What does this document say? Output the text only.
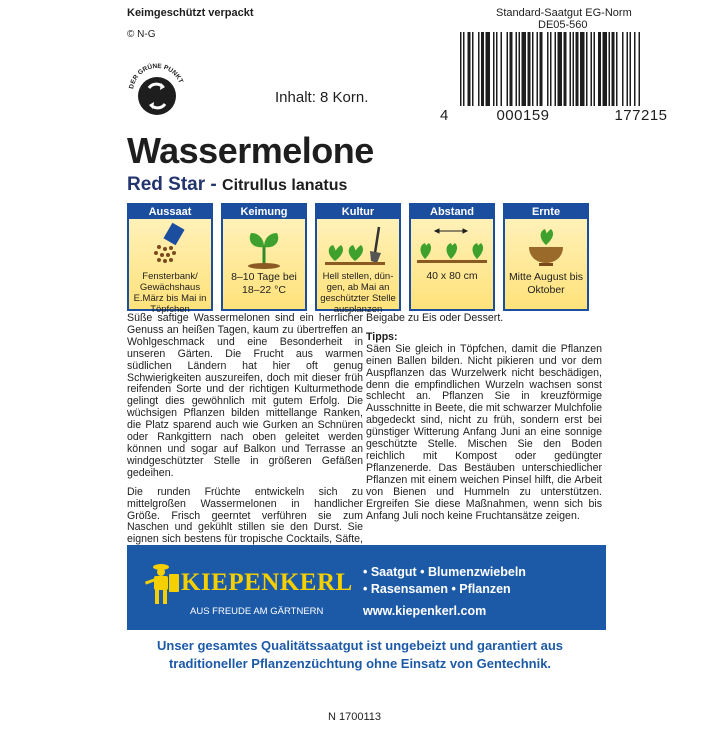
Keimgeschützt verpackt
© N-G
Standard-Saatgut EG-Norm
DE05-560
DER GRÜNE PUNKT
Inhalt: 8 Korn.
4	000159	177215
Wassermelone
Red Star - Citrullus lanatus
Aussaat
Fensterbank/ Gewächshaus E.März bis Mai in Töpfchen
Keimung
8–10 Tage bei 18–22 °C
Kultur
Hell stellen, dün- gen, ab Mai an geschützter Stelle ausplanzen
Abstand
40 x 80 cm
Ernte
Mitte August bis Oktober

Süße saftige Wassermelonen sind ein herrlicher Genuss an heißen Tagen, kaum zu übertreffen an Wohlgeschmack und eine Besonderheit in unseren Gärten. Die Frucht aus warmen südlichen Ländern hat hier oft genug Schwierigkeiten auszureifen, doch mit dieser früh reifenden Sorte und der richtigen Kulturmethode gelingt dies gewöhnlich mit gutem Erfolg. Die wüchsigen Pflanzen bilden mittellange Ranken, die Platz sparend auch wie Gurken an Schnüren oder Rankgittern nach oben geleitet werden können und sogar auf Balkon und Terrasse an windgeschützter Stelle in größeren Gefäßen gedeihen.

Die runden Früchte entwickeln sich zu mittelgroßen Wassermelonen in handlicher Größe. Frisch geerntet verführen sie zum Naschen und gekühlt stillen sie den Durst. Sie eignen sich bestens für tropische Cocktails, Säfte,

Beigabe zu Eis oder Dessert.
Tipps:
Säen Sie gleich in Töpfchen, damit die Pflanzen einen Ballen bilden. Nicht pikieren und vor dem Auspflanzen das Wurzelwerk nicht beschädigen, denn die empfindlichen Wurzeln wachsen sonst schlecht an. Pflanzen Sie in kreuzförmige Ausschnitte in Beete, die mit schwarzer Mulchfolie abgedeckt sind, nicht zu früh, sondern erst bei günstiger Witterung Anfang Juni an eine sonnige geschützte Stelle. Mischen Sie den Boden reichlich mit Kompost oder gedüngter Pflanzenerde. Das Bestäuben unterschiedlicher Pflanzen mit einem weichen Pinsel hilft, die Arbeit von Bienen und Hummeln zu unterstützen. Ergreifen Sie diese Maßnahmen, wenn sich bis Anfang Juli noch keine Fruchtansätze zeigen.
KIEPENKERL
AUS FREUDE AM GÄRTNERN
• Saatgut • Blumenzwiebeln
• Rasensamen • Pflanzen
www.kiepenkerl.com
Unser gesamtes Qualitätssaatgut ist ungebeizt und garantiert aus traditioneller Pflanzenzüchtung ohne Einsatz von Gentechnik.
N 1700113
